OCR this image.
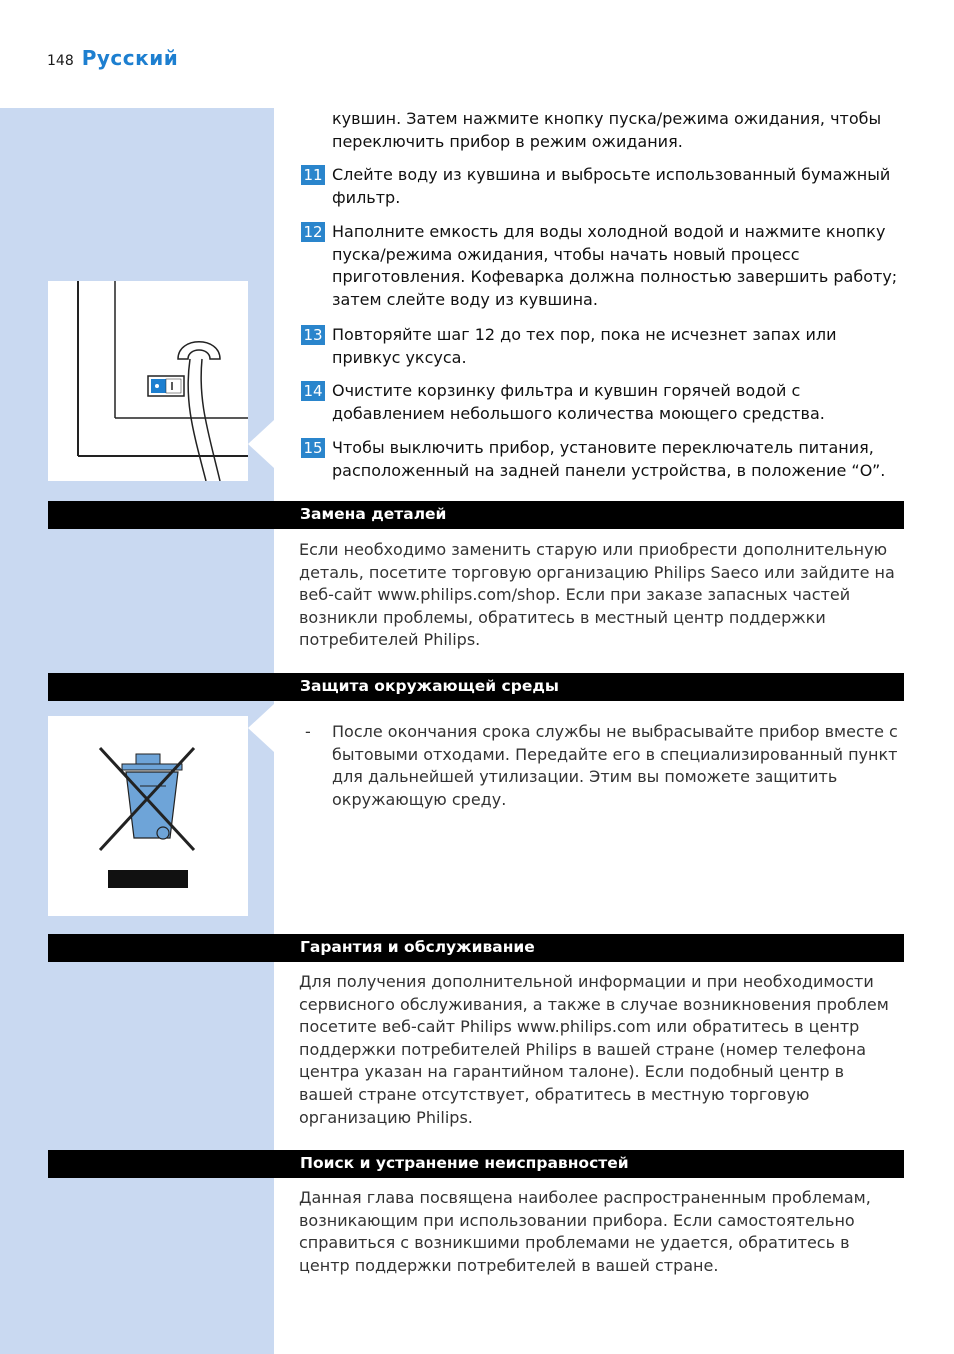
148 Русский
кувшин. Затем нажмите кнопку пуска/режима ожидания, чтобы переключить прибор в режим ожидания.
11 Слейте воду из кувшина и выбросьте использованный бумажный фильтр.
12 Наполните емкость для воды холодной водой и нажмите кнопку пуска/режима ожидания, чтобы начать новый процесс приготовления. Кофеварка должна полностью завершить работу; затем слейте воду из кувшина.
13 Повторяйте шаг 12 до тех пор, пока не исчезнет запах или привкус уксуса.
14 Очистите корзинку фильтра и кувшин горячей водой с добавлением небольшого количества моющего средства.
15 Чтобы выключить прибор, установите переключатель питания, расположенный на задней панели устройства, в положение “O”.
Замена деталей
Если необходимо заменить старую или приобрести дополнительную деталь, посетите торговую организацию Philips Saeco или зайдите на веб-сайт www.philips.com/shop. Если при заказе запасных частей возникли проблемы, обратитесь в местный центр поддержки потребителей Philips.
Защита окружающей среды
- После окончания срока службы не выбрасывайте прибор вместе с бытовыми отходами. Передайте его в специализированный пункт для дальнейшей утилизации. Этим вы поможете защитить окружающую среду.
Гарантия и обслуживание
Для получения дополнительной информации и при необходимости сервисного обслуживания, а также в случае возникновения проблем посетите веб-сайт Philips www.philips.com или обратитесь в центр поддержки потребителей Philips в вашей стране (номер телефона центра указан на гарантийном талоне). Если подобный центр в вашей стране отсутствует, обратитесь в местную торговую организацию Philips.
Поиск и устранение неисправностей
Данная глава посвящена наиболее распространенным проблемам, возникающим при использовании прибора. Если самостоятельно справиться с возникшими проблемами не удается, обратитесь в центр поддержки потребителей в вашей стране.
